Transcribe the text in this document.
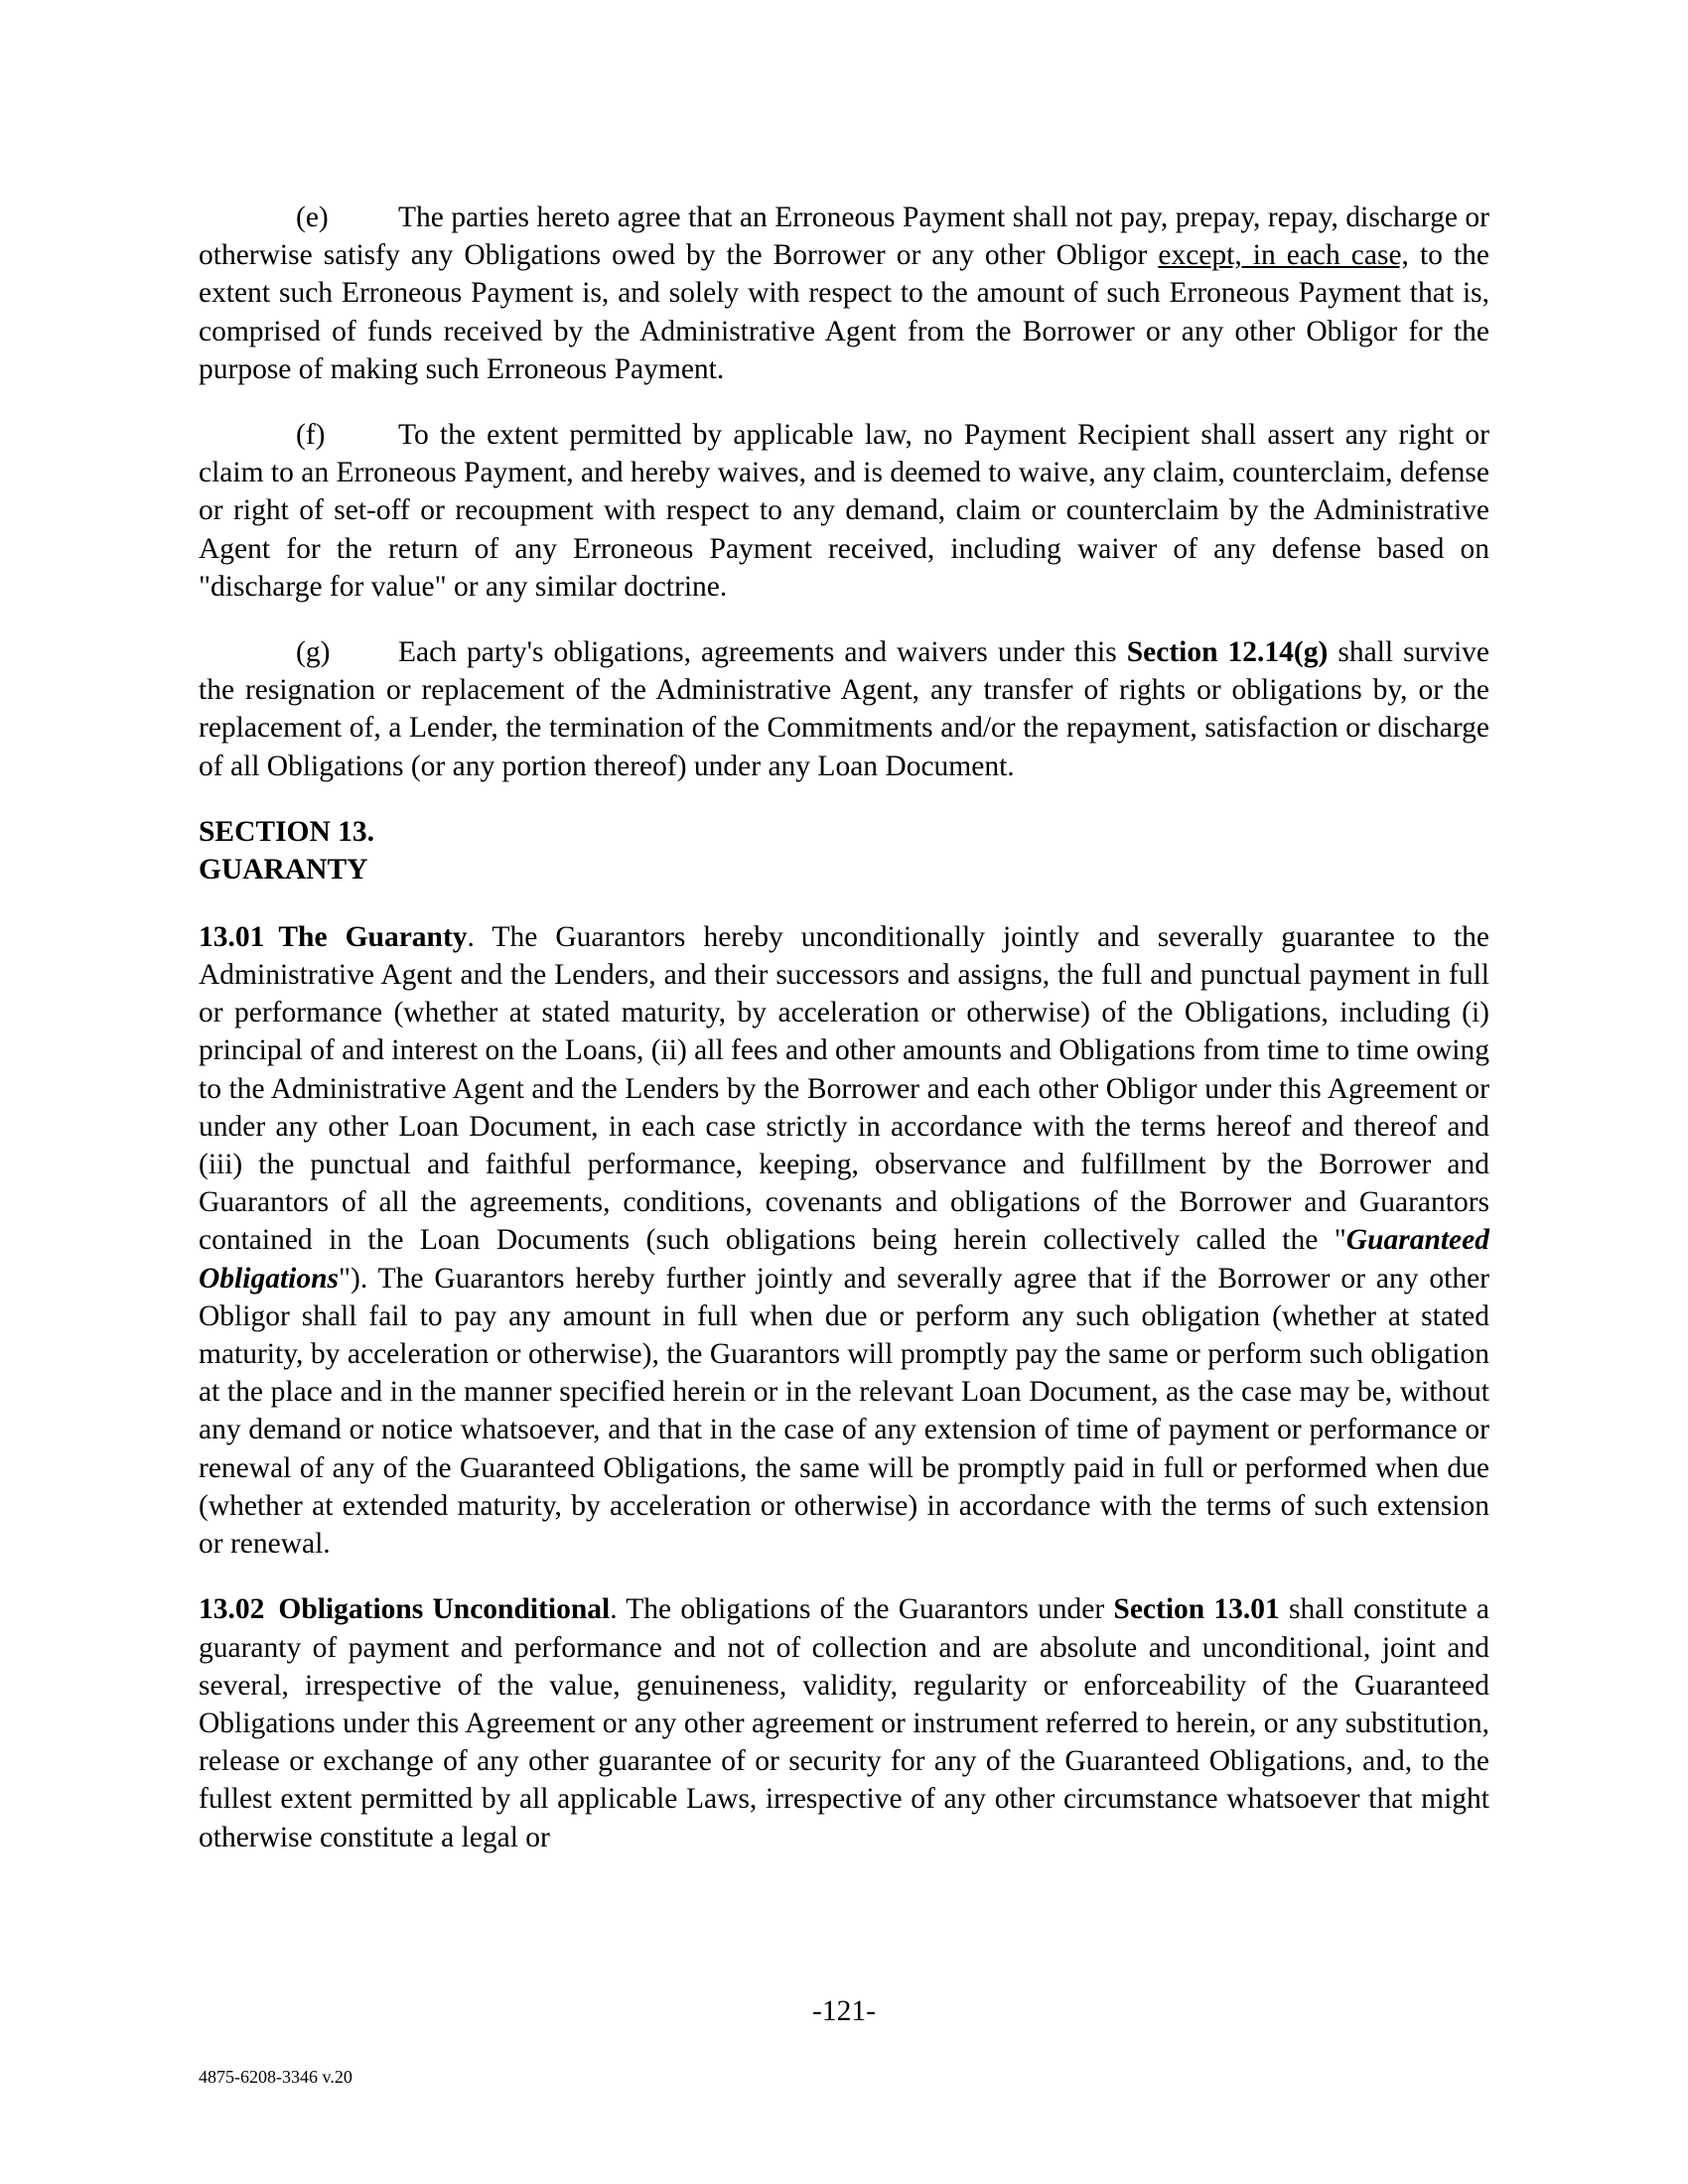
(e) The parties hereto agree that an Erroneous Payment shall not pay, prepay, repay, discharge or otherwise satisfy any Obligations owed by the Borrower or any other Obligor except, in each case, to the extent such Erroneous Payment is, and solely with respect to the amount of such Erroneous Payment that is, comprised of funds received by the Administrative Agent from the Borrower or any other Obligor for the purpose of making such Erroneous Payment.

(f) To the extent permitted by applicable law, no Payment Recipient shall assert any right or claim to an Erroneous Payment, and hereby waives, and is deemed to waive, any claim, counterclaim, defense or right of set-off or recoupment with respect to any demand, claim or counterclaim by the Administrative Agent for the return of any Erroneous Payment received, including waiver of any defense based on "discharge for value" or any similar doctrine.

(g) Each party's obligations, agreements and waivers under this Section 12.14(g) shall survive the resignation or replacement of the Administrative Agent, any transfer of rights or obligations by, or the replacement of, a Lender, the termination of the Commitments and/or the repayment, satisfaction or discharge of all Obligations (or any portion thereof) under any Loan Document.

SECTION 13.
GUARANTY

13.01 The Guaranty. The Guarantors hereby unconditionally jointly and severally guarantee to the Administrative Agent and the Lenders, and their successors and assigns, the full and punctual payment in full or performance (whether at stated maturity, by acceleration or otherwise) of the Obligations, including (i) principal of and interest on the Loans, (ii) all fees and other amounts and Obligations from time to time owing to the Administrative Agent and the Lenders by the Borrower and each other Obligor under this Agreement or under any other Loan Document, in each case strictly in accordance with the terms hereof and thereof and (iii) the punctual and faithful performance, keeping, observance and fulfillment by the Borrower and Guarantors of all the agreements, conditions, covenants and obligations of the Borrower and Guarantors contained in the Loan Documents (such obligations being herein collectively called the "Guaranteed Obligations"). The Guarantors hereby further jointly and severally agree that if the Borrower or any other Obligor shall fail to pay any amount in full when due or perform any such obligation (whether at stated maturity, by acceleration or otherwise), the Guarantors will promptly pay the same or perform such obligation at the place and in the manner specified herein or in the relevant Loan Document, as the case may be, without any demand or notice whatsoever, and that in the case of any extension of time of payment or performance or renewal of any of the Guaranteed Obligations, the same will be promptly paid in full or performed when due (whether at extended maturity, by acceleration or otherwise) in accordance with the terms of such extension or renewal.

13.02 Obligations Unconditional. The obligations of the Guarantors under Section 13.01 shall constitute a guaranty of payment and performance and not of collection and are absolute and unconditional, joint and several, irrespective of the value, genuineness, validity, regularity or enforceability of the Guaranteed Obligations under this Agreement or any other agreement or instrument referred to herein, or any substitution, release or exchange of any other guarantee of or security for any of the Guaranteed Obligations, and, to the fullest extent permitted by all applicable Laws, irrespective of any other circumstance whatsoever that might otherwise constitute a legal or

-121-
4875-6208-3346 v.20
